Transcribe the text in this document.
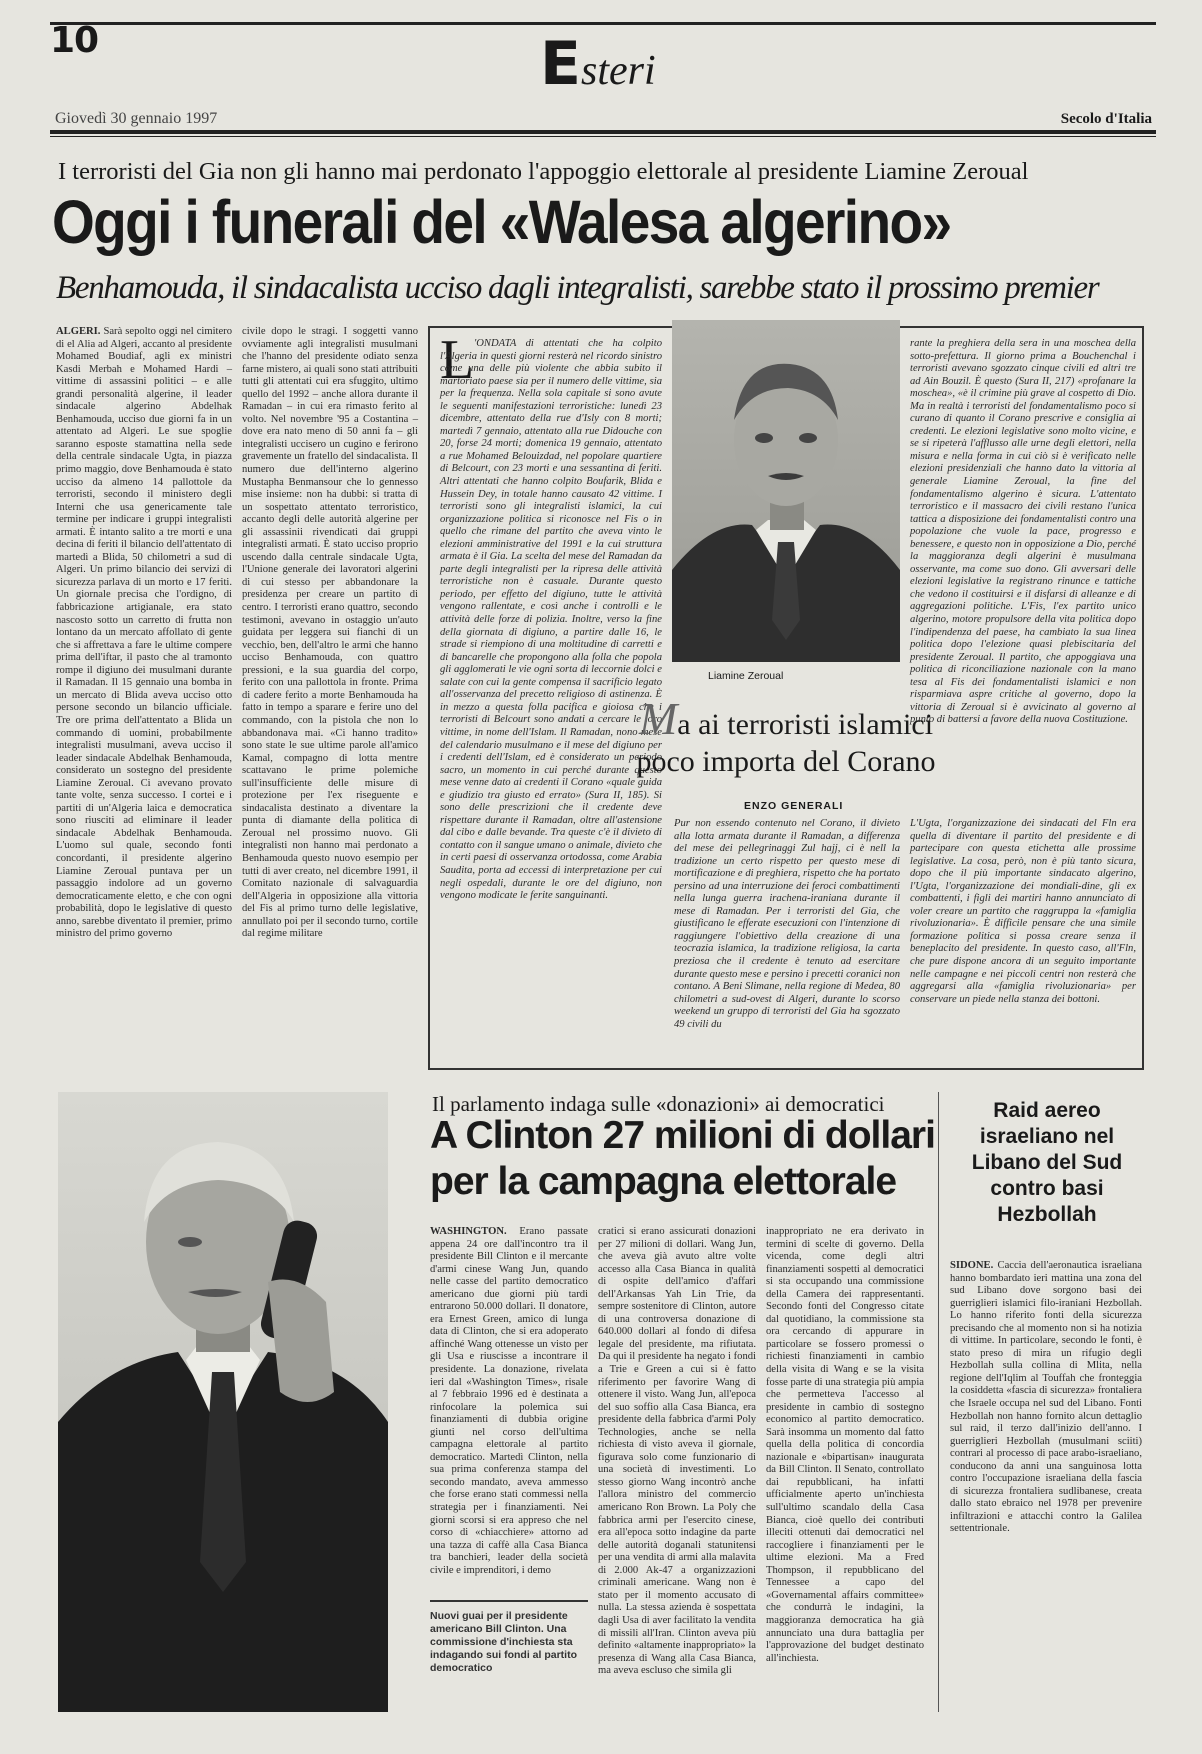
10	Esteri
Giovedì 30 gennaio 1997	Secolo d'Italia
I terroristi del Gia non gli hanno mai perdonato l'appoggio elettorale al presidente Liamine Zeroual
Oggi i funerali del «Walesa algerino»
Benhamouda, il sindacalista ucciso dagli integralisti, sarebbe stato il prossimo premier
ALGERI. Sarà sepolto oggi nel cimitero di el Alia ad Algeri, accanto al presidente Mohamed Boudiaf, agli ex ministri Kasdi Merbah e Mohamed Hardi – vittime di assassini politici – e alle grandi personalità algerine, il leader sindacale algerino Abdelhak Benhamouda, ucciso due giorni fa in un attentato ad Algeri. Le sue spoglie saranno esposte stamattina nella sede della centrale sindacale Ugta, in piazza primo maggio, dove Benhamouda è stato ucciso da almeno 14 pallottole da terroristi, secondo il ministero degli Interni che usa genericamente tale termine per indicare i gruppi integralisti armati. È intanto salito a tre morti e una decina di feriti il bilancio dell'attentato di martedì a Blida, 50 chilometri a sud di Algeri. Un primo bilancio dei servizi di sicurezza parlava di un morto e 17 feriti. Un giornale precisa che l'ordigno, di fabbricazione artigianale, era stato nascosto sotto un carretto di frutta non lontano da un mercato affollato di gente che si affrettava a fare le ultime compere prima dell'iftar, il pasto che al tramonto rompe il digiuno dei musulmani durante il Ramadan. Il 15 gennaio una bomba in un mercato di Blida aveva ucciso otto persone secondo un bilancio ufficiale. Tre ore prima dell'attentato a Blida un commando di uomini, probabilmente integralisti musulmani, aveva ucciso il leader sindacale Abdelhak Benhamouda, considerato un sostegno del presidente Liamine Zeroual. Ci avevano provato tante volte, senza successo. I cortei e i partiti di un'Algeria laica e democratica sono riusciti ad eliminare il leader sindacale Abdelhak Benhamouda. L'uomo sul quale, secondo fonti concordanti, il presidente algerino Liamine Zeroual puntava per un passaggio indolore ad un governo democraticamente eletto, e che con ogni probabilità, dopo le legislative di questo anno, sarebbe diventato il premier, primo ministro del primo governo
civile dopo le stragi. I soggetti vanno ovviamente agli integralisti musulmani che l'hanno del presidente odiato senza farne mistero, ai quali sono stati attribuiti tutti gli attentati cui era sfuggito, ultimo quello del 1992 – anche allora durante il Ramadan – in cui era rimasto ferito al volto. Nel novembre '95 a Costantina – dove era nato meno di 50 anni fa – gli integralisti uccisero un cugino e ferirono gravemente un fratello del sindacalista. Il numero due dell'interno algerino Mustapha Benmansour che lo gennesso mise insieme: non ha dubbi: si tratta di un sospettato attentato terroristico, accanto degli delle autorità algerine per gli assassinii rivendicati dai gruppi integralisti armati. È stato ucciso proprio uscendo dalla centrale sindacale Ugta, l'Unione generale dei lavoratori algerini di cui stesso per abbandonare la presidenza per creare un partito di centro. I terroristi erano quattro, secondo testimoni, avevano in ostaggio un'auto guidata per leggera sui fianchi di un vecchio, ben, dell'altro le armi che hanno ucciso Benhamouda, con quattro pressioni, e la sua guardia del corpo, ferito con una pallottola in fronte. Prima di cadere ferito a morte Benhamouda ha fatto in tempo a sparare e ferire uno del commando, con la pistola che non lo abbandonava mai. «Ci hanno tradito» sono state le sue ultime parole all'amico Kamal, compagno di lotta mentre scattavano le prime polemiche sull'insufficiente delle misure di protezione per l'ex riseguente e sindacalista destinato a diventare la punta di diamante della politica di Zeroual nel prossimo nuovo. Gli integralisti non hanno mai perdonato a Benhamouda questo nuovo esempio per tutti di aver creato, nel dicembre 1991, il Comitato nazionale di salvaguardia dell'Algeria in opposizione alla vittoria del Fis al primo turno delle legislative, annullato poi per il secondo turno, cortile dal regime militare
L 'ONDATA di attentati che ha colpito l'Algeria in questi giorni resterà nel ricordo sinistro come una delle più violente che abbia subito il martoriato paese sia per il numero delle vittime, sia per la frequenza. Nella sola capitale si sono avute le seguenti manifestazioni terroristiche: lunedì 23 dicembre, attentato della rue d'Isly con 8 morti; martedì 7 gennaio, attentato alla rue Didouche con 20, forse 24 morti; domenica 19 gennaio, attentato a rue Mohamed Belouizdad, nel popolare quartiere di Belcourt, con 23 morti e una sessantina di feriti. Altri attentati che hanno colpito Boufarik, Blida e Hussein Dey, in totale hanno causato 42 vittime. I terroristi sono gli integralisti islamici, la cui organizzazione politica si riconosce nel Fis o in quello che rimane del partito che aveva vinto le elezioni amministrative del 1991 e la cui struttura armata è il Gia. La scelta del mese del Ramadan da parte degli integralisti per la ripresa delle attività terroristiche non è casuale. Durante questo periodo, per effetto del digiuno, tutte le attività vengono rallentate, e così anche i controlli e le attività delle forze di polizia. Inoltre, verso la fine della giornata di digiuno, a partire dalle 16, le strade si riempiono di una moltitudine di carretti e di bancarelle che propongono alla folla che popola gli agglomerati le vie ogni sorta di leccornie dolci e salate con cui la gente compensa il sacrificio legato all'osservanza del precetto religioso di astinenza. È in mezzo a questa folla pacifica e gioiosa che i terroristi di Belcourt sono andati a cercare le loro vittime, in nome dell'Islam. Il Ramadan, nono mese del calendario musulmano e il mese del digiuno per i credenti dell'Islam, ed è considerato un periodo sacro, un momento in cui perché durante questo mese venne dato ai credenti il Corano «quale guida e giudizio tra giusto ed errato» (Sura II, 185). Si sono delle prescrizioni che il credente deve rispettare durante il Ramadan, oltre all'astensione dal cibo e dalle bevande. Tra queste c'è il divieto di contatto con il sangue umano o animale, divieto che in certi paesi di osservanza ortodossa, come Arabia Saudita, porta ad eccessi di interpretazione per cui negli ospedali, durante le ore del digiuno, non vengono modicate le ferite sanguinanti.
Liamine Zeroual
rante la preghiera della sera in una moschea della sotto-prefettura. Il giorno prima a Bouchenchal i terroristi avevano sgozzato cinque civili ed altri tre ad Ain Bouzil. È questo (Sura II, 217) «profanare la moschea», «è il crimine più grave al cospetto di Dio. Ma in realtà i terroristi del fondamentalismo poco si curano di quanto il Corano prescrive e consiglia ai credenti. Le elezioni legislative sono molto vicine, e se si ripeterà l'afflusso alle urne degli elettori, nella misura e nella forma in cui ciò si è verificato nelle elezioni presidenziali che hanno dato la vittoria al generale Liamine Zeroual, la fine del fondamentalismo algerino è sicura. L'attentato terroristico e il massacro dei civili restano l'unica tattica a disposizione dei fondamentalisti contro una popolazione che vuole la pace, progresso e benessere, e questo non in opposizione a Dio, perché la maggioranza degli algerini è musulmana osservante, ma come suo dono. Gli avversari delle elezioni legislative la registrano rinunce e tattiche che vedono il costituirsi e il disfarsi di alleanze e di aggregazioni politiche. L'Fis, l'ex partito unico algerino, motore propulsore della vita politica dopo l'indipendenza del paese, ha cambiato la sua linea politica dopo l'elezione quasi plebiscitaria del presidente Zeroual. Il partito, che appoggiava una politica di riconciliazione nazionale con la mano tesa al Fis dei fondamentalisti islamici e non risparmiava aspre critiche al governo, dopo la vittoria di Zeroual si è avvicinato al governo al punto di battersi a favore della nuova Costituzione.
Ma ai terroristi islamici
poco importa del Corano
ENZO GENERALI
Pur non essendo contenuto nel Corano, il divieto alla lotta armata durante il Ramadan, a differenza del mese dei pellegrinaggi Zul hajj, ci è nell la tradizione un certo rispetto per questo mese di mortificazione e di preghiera, rispetto che ha portato persino ad una interruzione dei feroci combattimenti nella lunga guerra irachena-iraniana durante il mese di Ramadan. Per i terroristi del Gia, che giustificano le efferate esecuzioni con l'intenzione di raggiungere l'obiettivo della creazione di una teocrazia islamica, la tradizione religiosa, la carta preziosa che il credente è tenuto ad esercitare durante questo mese e persino i precetti coranici non contano. A Beni Slimane, nella regione di Medea, 80 chilometri a sud-ovest di Algeri, durante lo scorso weekend un gruppo di terroristi del Gia ha sgozzato 49 civili du
L'Ugta, l'organizzazione dei sindacati del Fln era quella di diventare il partito del presidente e di partecipare con questa etichetta alle prossime legislative. La cosa, però, non è più tanto sicura, dopo che il più importante sindacato algerino, l'Ugta, l'organizzazione dei mondiali-dine, gli ex combattenti, i figli dei martiri hanno annunciato di voler creare un partito che raggruppa la «famiglia rivoluzionaria». È difficile pensare che una simile formazione politica si possa creare senza il beneplacito del presidente. In questo caso, all'Fln, che pure dispone ancora di un seguito importante nelle campagne e nei piccoli centri non resterà che aggregarsi alla «famiglia rivoluzionaria» per conservare un piede nella stanza dei bottoni.
Il parlamento indaga sulle «donazioni» ai democratici
A Clinton 27 milioni di dollari
per la campagna elettorale
WASHINGTON. Erano passate appena 24 ore dall'incontro tra il presidente Bill Clinton e il mercante d'armi cinese Wang Jun, quando nelle casse del partito democratico americano due giorni più tardi entrarono 50.000 dollari. Il donatore, era Ernest Green, amico di lunga data di Clinton, che si era adoperato affinché Wang ottenesse un visto per gli Usa e riuscisse a incontrare il presidente. La donazione, rivelata ieri dal «Washington Times», risale al 7 febbraio 1996 ed è destinata a rinfocolare la polemica sui finanziamenti di dubbia origine giunti nel corso dell'ultima campagna elettorale al partito democratico. Martedì Clinton, nella sua prima conferenza stampa del secondo mandato, aveva ammesso che forse erano stati commessi nella strategia per i finanziamenti. Nei giorni scorsi si era appreso che nel corso di «chiacchiere» attorno ad una tazza di caffè alla Casa Bianca tra banchieri, leader della società civile e imprenditori, i demo
Nuovi guai per il presidente americano Bill Clinton. Una commissione d'inchiesta sta indagando sui fondi al partito democratico
cratici si erano assicurati donazioni per 27 milioni di dollari. Wang Jun, che aveva già avuto altre volte accesso alla Casa Bianca in qualità di ospite dell'amico d'affari dell'Arkansas Yah Lin Trie, da sempre sostenitore di Clinton, autore di una controversa donazione di 640.000 dollari al fondo di difesa legale del presidente, ma rifiutata. Da qui il presidente ha negato i fondi a Trie e Green a cui si è fatto riferimento per favorire Wang di ottenere il visto. Wang Jun, all'epoca del suo soffio alla Casa Bianca, era presidente della fabbrica d'armi Poly Technologies, anche se nella richiesta di visto aveva il giornale, figurava solo come funzionario di una società di investimenti. Lo stesso giorno Wang incontrò anche l'allora ministro del commercio americano Ron Brown. La Poly che fabbrica armi per l'esercito cinese, era all'epoca sotto indagine da parte delle autorità doganali statunitensi per una vendita di armi alla malavita di 2.000 Ak-47 a organizzazioni criminali americane. Wang non è stato per il momento accusato di nulla. La stessa azienda è sospettata dagli Usa di aver facilitato la vendita di missili all'Iran. Clinton aveva più definito «altamente inappropriato» la presenza di Wang alla Casa Bianca, ma aveva escluso che simila gli
inappropriato ne era derivato in termini di scelte di governo. Della vicenda, come degli altri finanziamenti sospetti al democratici si sta occupando una commissione della Camera dei rappresentanti. Secondo fonti del Congresso citate dal quotidiano, la commissione sta ora cercando di appurare in particolare se fossero promessi o richiesti finanziamenti in cambio della visita di Wang e se la visita fosse parte di una strategia più ampia che permetteva l'accesso al presidente in cambio di sostegno economico al partito democratico. Sarà insomma un momento dal fatto quella della politica di concordia nazionale e «bipartisan» inaugurata da Bill Clinton. Il Senato, controllato dai repubblicani, ha infatti ufficialmente aperto un'inchiesta sull'ultimo scandalo della Casa Bianca, cioè quello dei contributi illeciti ottenuti dai democratici nel raccogliere i finanziamenti per le ultime elezioni. Ma a Fred Thompson, il repubblicano del Tennessee a capo del «Governamental affairs committee» che condurrà le indagini, la maggioranza democratica ha già annunciato una dura battaglia per l'approvazione del budget destinato all'inchiesta.
Raid aereo israeliano nel Libano del Sud contro basi Hezbollah
SIDONE. Caccia dell'aeronautica israeliana hanno bombardato ieri mattina una zona del sud Libano dove sorgono basi dei guerriglieri islamici filo-iraniani Hezbollah. Lo hanno riferito fonti della sicurezza precisando che al momento non si ha notizia di vittime. In particolare, secondo le fonti, è stato preso di mira un rifugio degli Hezbollah sulla collina di Mlita, nella regione dell'Iqlim al Touffah che fronteggia la cosiddetta «fascia di sicurezza» frontaliera che Israele occupa nel sud del Libano. Fonti Hezbollah non hanno fornito alcun dettaglio sul raid, il terzo dall'inizio dell'anno. I guerriglieri Hezbollah (musulmani sciiti) contrari al processo di pace arabo-israeliano, conducono da anni una sanguinosa lotta contro l'occupazione israeliana della fascia di sicurezza frontaliera sudlibanese, creata dallo stato ebraico nel 1978 per prevenire infiltrazioni e attacchi contro la Galilea settentrionale.
